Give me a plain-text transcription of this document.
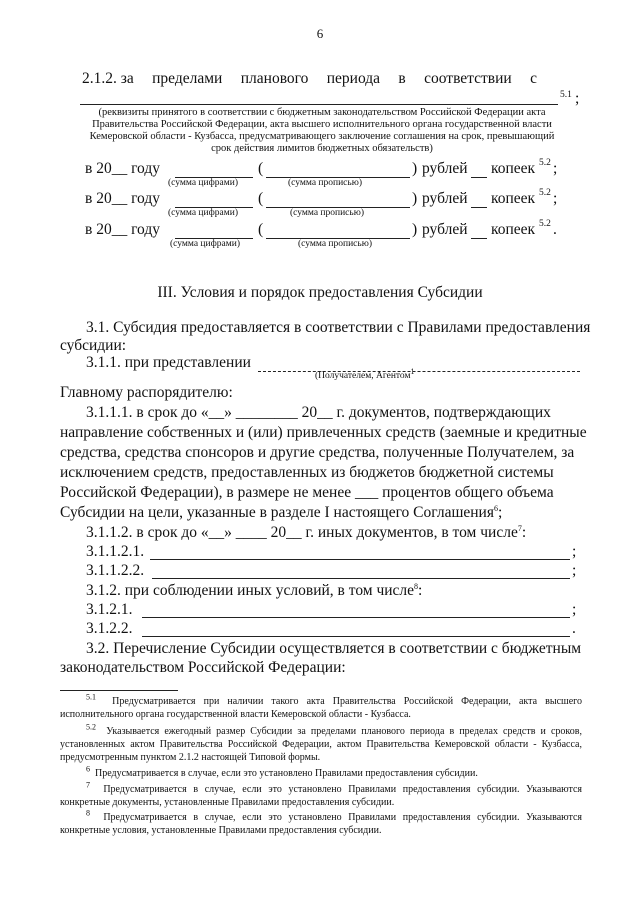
6
2.1.2. за пределами планового периода в соответствии с
5.1 ;
(реквизиты принятого в соответствии с бюджетным законодательством Российской Федерации акта Правительства Российской Федерации, акта высшего исполнительного органа государственной власти Кемеровской области - Кузбасса, предусматривающего заключение соглашения на срок, превышающий срок действия лимитов бюджетных обязательств)
в 20__ году	(	) рублей копеек 5.2 ;
(сумма цифрами)	(сумма прописью)
в 20__ году	(	) рублей копеек 5.2 ;
(сумма цифрами)	(сумма прописью)
в 20__ году	(	) рублей копеек 5.2 .
(сумма цифрами)	(сумма прописью)
III. Условия и порядок предоставления Субсидии
3.1. Субсидия предоставляется в соответствии с Правилами предоставления
субсидии:
3.1.1. при представлении
(Получателем, Агентом$^1$
Главному распорядителю:
3.1.1.1. в срок до «__» ________ 20__ г. документов, подтверждающих
направление собственных и (или) привлеченных средств (заемные и кредитные
средства, средства спонсоров и другие средства, полученные Получателем, за
исключением средств, предоставленных из бюджетов бюджетной системы
Российской Федерации), в размере не менее ___ процентов общего объема
Субсидии на цели, указанные в разделе I настоящего Соглашения$^6$;
3.1.1.2. в срок до «__» ____ 20__ г. иных документов, в том числе$^7$:
3.1.1.2.1.	;
3.1.1.2.2.	;
3.1.2. при соблюдении иных условий, в том числе$^8$:
3.1.2.1.	;
3.1.2.2.	.
3.2. Перечисление Субсидии осуществляется в соответствии с бюджетным
законодательством Российской Федерации:
$^{5.1}$ Предусматривается при наличии такого акта Правительства Российской Федерации, акта высшего исполнительного органа государственной власти Кемеровской области - Кузбасса.
$^{5.2}$ Указывается ежегодный размер Субсидии за пределами планового периода в пределах средств и сроков, установленных актом Правительства Российской Федерации, актом Правительства Кемеровской области - Кузбасса, предусмотренным пунктом 2.1.2 настоящей Типовой формы.
$^6$ Предусматривается в случае, если это установлено Правилами предоставления субсидии.
$^7$ Предусматривается в случае, если это установлено Правилами предоставления субсидии. Указываются конкретные документы, установленные Правилами предоставления субсидии.
$^8$ Предусматривается в случае, если это установлено Правилами предоставления субсидии. Указываются конкретные условия, установленные Правилами предоставления субсидии.
